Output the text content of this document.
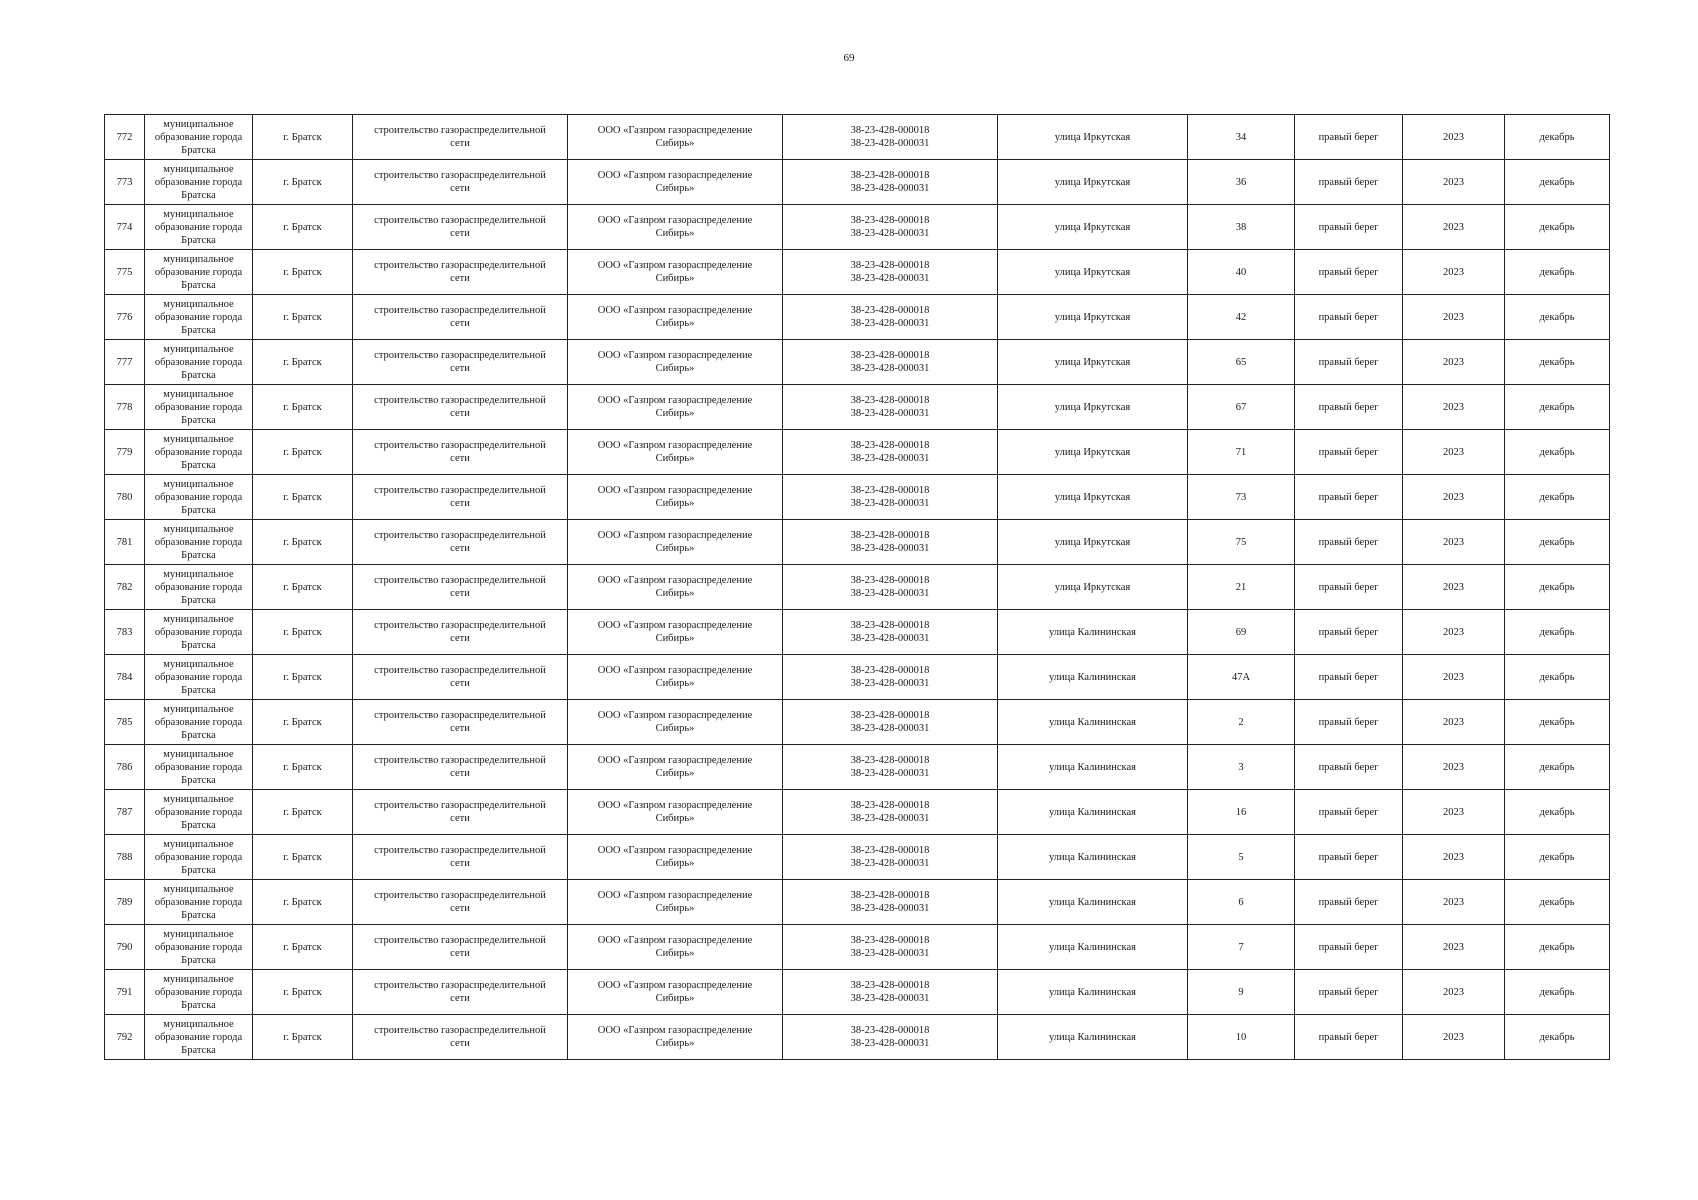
69
772	муниципальное
образование города
Братска	г. Братск	строительство газораспределительной
сети	ООО «Газпром газораспределение
Сибирь»	38-23-428-000018
38-23-428-000031	улица Иркутская	34	правый берег	2023	декабрь
773	муниципальное
образование города
Братска	г. Братск	строительство газораспределительной
сети	ООО «Газпром газораспределение
Сибирь»	38-23-428-000018
38-23-428-000031	улица Иркутская	36	правый берег	2023	декабрь
774	муниципальное
образование города
Братска	г. Братск	строительство газораспределительной
сети	ООО «Газпром газораспределение
Сибирь»	38-23-428-000018
38-23-428-000031	улица Иркутская	38	правый берег	2023	декабрь
775	муниципальное
образование города
Братска	г. Братск	строительство газораспределительной
сети	ООО «Газпром газораспределение
Сибирь»	38-23-428-000018
38-23-428-000031	улица Иркутская	40	правый берег	2023	декабрь
776	муниципальное
образование города
Братска	г. Братск	строительство газораспределительной
сети	ООО «Газпром газораспределение
Сибирь»	38-23-428-000018
38-23-428-000031	улица Иркутская	42	правый берег	2023	декабрь
777	муниципальное
образование города
Братска	г. Братск	строительство газораспределительной
сети	ООО «Газпром газораспределение
Сибирь»	38-23-428-000018
38-23-428-000031	улица Иркутская	65	правый берег	2023	декабрь
778	муниципальное
образование города
Братска	г. Братск	строительство газораспределительной
сети	ООО «Газпром газораспределение
Сибирь»	38-23-428-000018
38-23-428-000031	улица Иркутская	67	правый берег	2023	декабрь
779	муниципальное
образование города
Братска	г. Братск	строительство газораспределительной
сети	ООО «Газпром газораспределение
Сибирь»	38-23-428-000018
38-23-428-000031	улица Иркутская	71	правый берег	2023	декабрь
780	муниципальное
образование города
Братска	г. Братск	строительство газораспределительной
сети	ООО «Газпром газораспределение
Сибирь»	38-23-428-000018
38-23-428-000031	улица Иркутская	73	правый берег	2023	декабрь
781	муниципальное
образование города
Братска	г. Братск	строительство газораспределительной
сети	ООО «Газпром газораспределение
Сибирь»	38-23-428-000018
38-23-428-000031	улица Иркутская	75	правый берег	2023	декабрь
782	муниципальное
образование города
Братска	г. Братск	строительство газораспределительной
сети	ООО «Газпром газораспределение
Сибирь»	38-23-428-000018
38-23-428-000031	улица Иркутская	21	правый берег	2023	декабрь
783	муниципальное
образование города
Братска	г. Братск	строительство газораспределительной
сети	ООО «Газпром газораспределение
Сибирь»	38-23-428-000018
38-23-428-000031	улица Калининская	69	правый берег	2023	декабрь
784	муниципальное
образование города
Братска	г. Братск	строительство газораспределительной
сети	ООО «Газпром газораспределение
Сибирь»	38-23-428-000018
38-23-428-000031	улица Калининская	47А	правый берег	2023	декабрь
785	муниципальное
образование города
Братска	г. Братск	строительство газораспределительной
сети	ООО «Газпром газораспределение
Сибирь»	38-23-428-000018
38-23-428-000031	улица Калининская	2	правый берег	2023	декабрь
786	муниципальное
образование города
Братска	г. Братск	строительство газораспределительной
сети	ООО «Газпром газораспределение
Сибирь»	38-23-428-000018
38-23-428-000031	улица Калининская	3	правый берег	2023	декабрь
787	муниципальное
образование города
Братска	г. Братск	строительство газораспределительной
сети	ООО «Газпром газораспределение
Сибирь»	38-23-428-000018
38-23-428-000031	улица Калининская	16	правый берег	2023	декабрь
788	муниципальное
образование города
Братска	г. Братск	строительство газораспределительной
сети	ООО «Газпром газораспределение
Сибирь»	38-23-428-000018
38-23-428-000031	улица Калининская	5	правый берег	2023	декабрь
789	муниципальное
образование города
Братска	г. Братск	строительство газораспределительной
сети	ООО «Газпром газораспределение
Сибирь»	38-23-428-000018
38-23-428-000031	улица Калининская	6	правый берег	2023	декабрь
790	муниципальное
образование города
Братска	г. Братск	строительство газораспределительной
сети	ООО «Газпром газораспределение
Сибирь»	38-23-428-000018
38-23-428-000031	улица Калининская	7	правый берег	2023	декабрь
791	муниципальное
образование города
Братска	г. Братск	строительство газораспределительной
сети	ООО «Газпром газораспределение
Сибирь»	38-23-428-000018
38-23-428-000031	улица Калининская	9	правый берег	2023	декабрь
792	муниципальное
образование города
Братска	г. Братск	строительство газораспределительной
сети	ООО «Газпром газораспределение
Сибирь»	38-23-428-000018
38-23-428-000031	улица Калининская	10	правый берег	2023	декабрь
